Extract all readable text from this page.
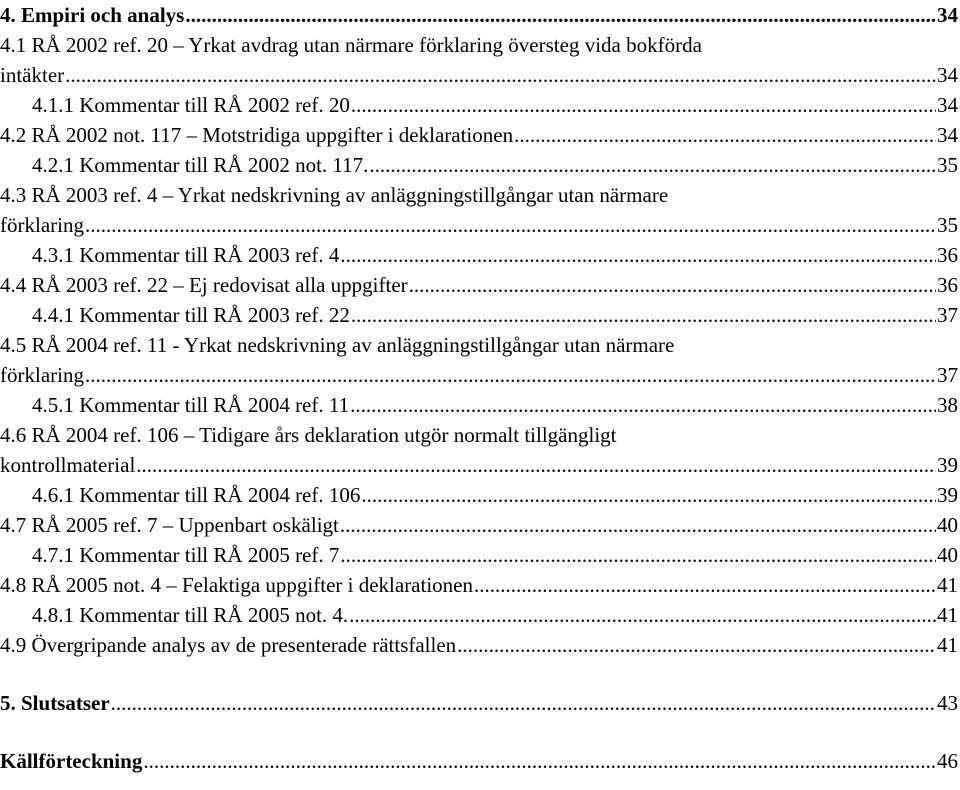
4. Empiri och analys .....	34
4.1 RÅ 2002 ref. 20 – Yrkat avdrag utan närmare förklaring översteg vida bokförda
intäkter .....	34
4.1.1 Kommentar till RÅ 2002 ref. 20 .....	34
4.2 RÅ 2002 not. 117 – Motstridiga uppgifter i deklarationen .....	34
4.2.1 Kommentar till RÅ 2002 not. 117. .....	35
4.3 RÅ 2003 ref. 4 – Yrkat nedskrivning av anläggningstillgångar utan närmare
förklaring .....	35
4.3.1 Kommentar till RÅ 2003 ref. 4 .....	36
4.4 RÅ 2003 ref. 22 – Ej redovisat alla uppgifter .....	36
4.4.1 Kommentar till RÅ 2003 ref. 22 .....	37
4.5 RÅ 2004 ref. 11 - Yrkat nedskrivning av anläggningstillgångar utan närmare
förklaring .....	37
4.5.1 Kommentar till RÅ 2004 ref. 11 .....	38
4.6 RÅ 2004 ref. 106 – Tidigare års deklaration utgör normalt tillgängligt
kontrollmaterial .....	39
4.6.1 Kommentar till RÅ 2004 ref. 106 .....	39
4.7 RÅ 2005 ref. 7 – Uppenbart oskäligt .....	40
4.7.1 Kommentar till RÅ 2005 ref. 7 .....	40
4.8 RÅ 2005 not. 4 – Felaktiga uppgifter i deklarationen .....	41
4.8.1 Kommentar till RÅ 2005 not. 4. .....	41
4.9 Övergripande analys av de presenterade rättsfallen .....	41
5. Slutsatser .....	43
Källförteckning .....	46
